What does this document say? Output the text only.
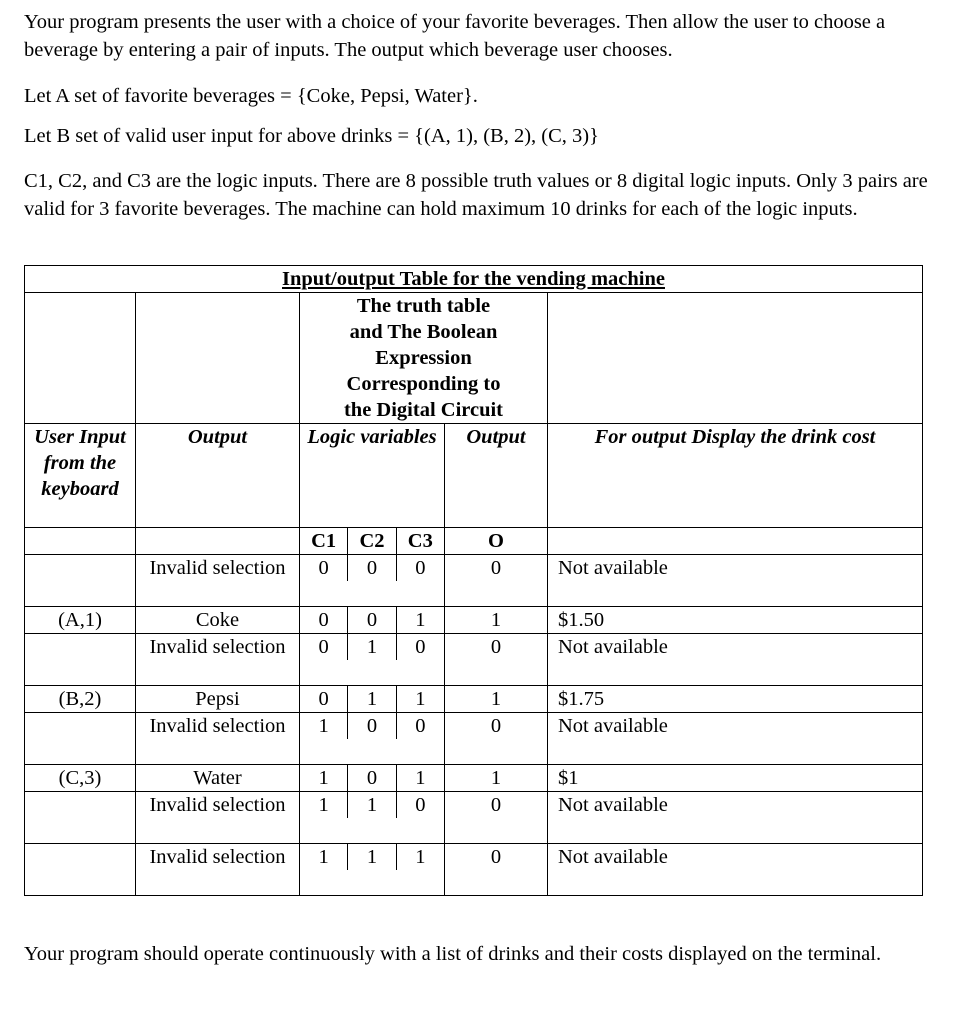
Your program presents the user with a choice of your favorite beverages. Then allow the user to choose a beverage by entering a pair of inputs. The output which beverage user chooses.

Let A set of favorite beverages = {Coke, Pepsi, Water}.

Let B set of valid user input for above drinks = {(A, 1), (B, 2), (C, 3)}

C1, C2, and C3 are the logic inputs. There are 8 possible truth values or 8 digital logic inputs. Only 3 pairs are valid for 3 favorite beverages. The machine can hold maximum 10 drinks for each of the logic inputs.

Input/output Table for the vending machine				
		The truth table and The Boolean Expression Corresponding to the Digital Circuit		
User Input from the keyboard	Output	Logic variables	Output	For output Display the drink cost

		C1 C2 C3	O	
	Invalid selection	0 0 0	0	Not available
(A,1)	Coke	0 0 1	1	$1.50
	Invalid selection	0 1 0	0	Not available
(B,2)	Pepsi	0 1 1	1	$1.75
	Invalid selection	1 0 0	0	Not available
(C,3)	Water	1 0 1	1	$1
	Invalid selection	1 1 0	0	Not available
	Invalid selection	1 1 1	0	Not available

Your program should operate continuously with a list of drinks and their costs displayed on the terminal.
